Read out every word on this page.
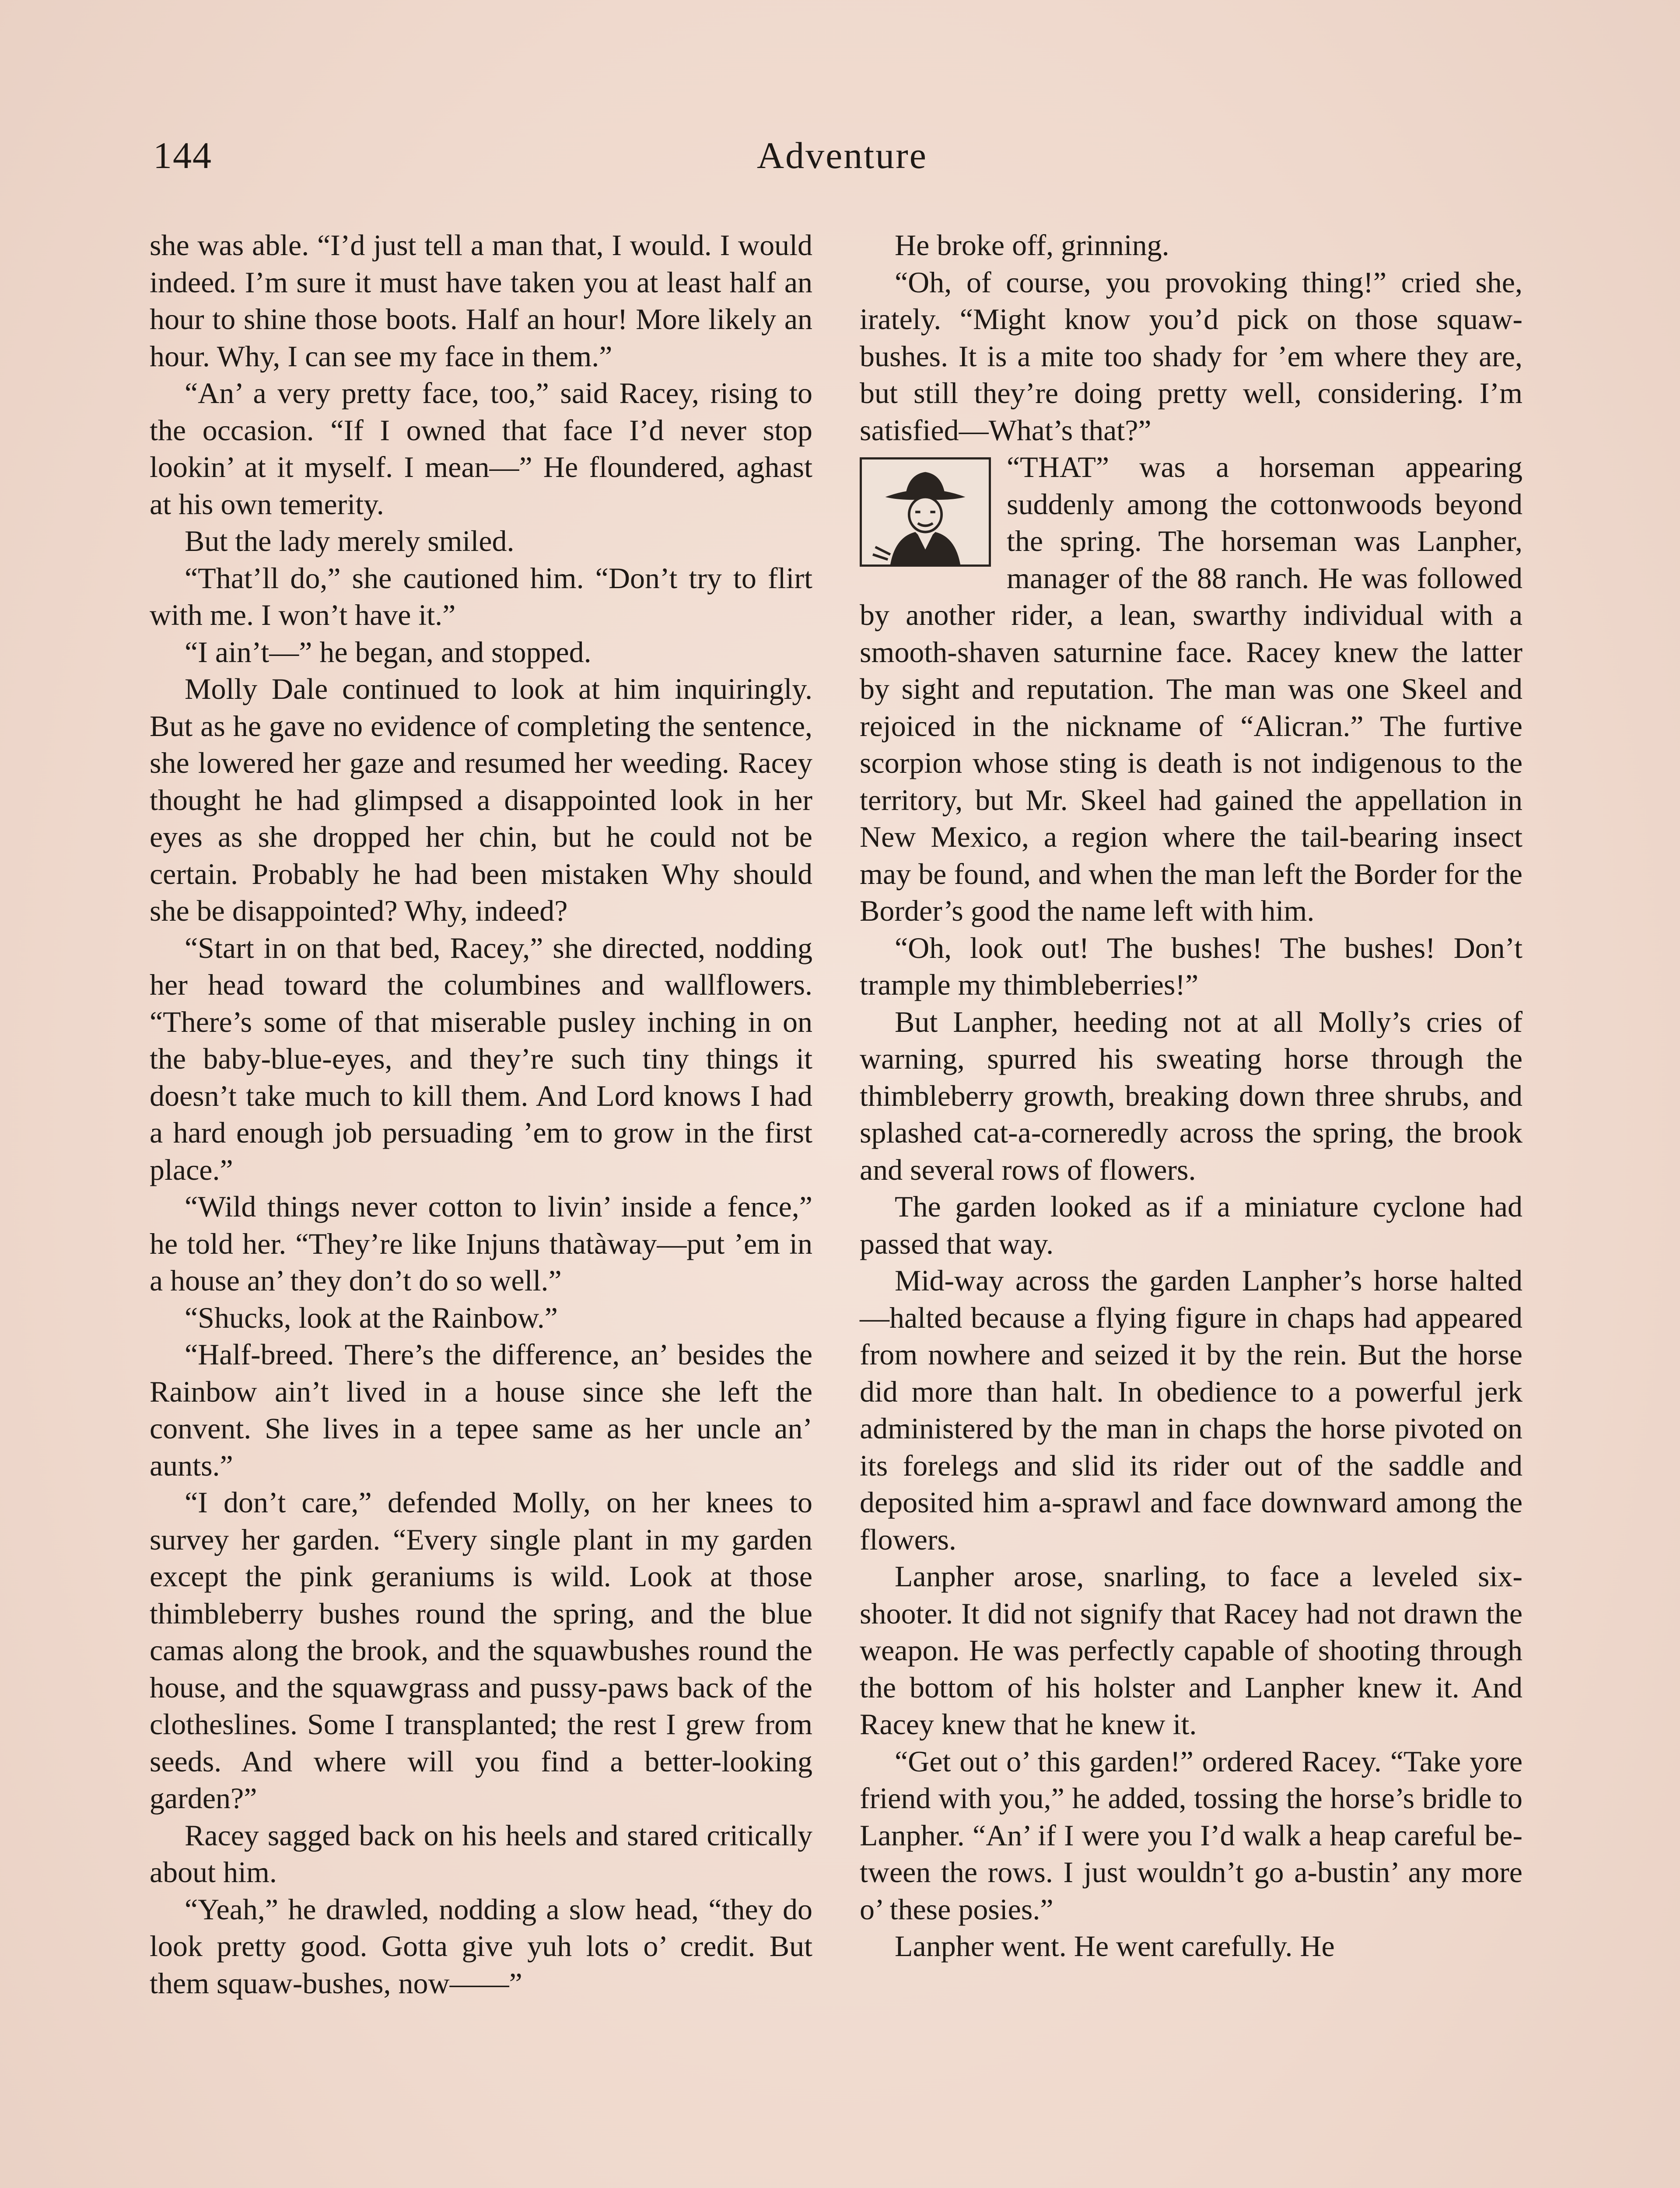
Adventure
144

she was able. “I’d just tell a man that, I would. I would indeed. I’m sure it must have taken you at least half an hour to shine those boots. Half an hour! More likely an hour. Why, I can see my face in them.”

“An’ a very pretty face, too,” said Racey, rising to the occasion. “If I owned that face I’d never stop lookin’ at it myself. I mean—” He floundered, aghast at his own temerity.

But the lady merely smiled.

“That’ll do,” she cautioned him. “Don’t try to flirt with me. I won’t have it.”

“I ain’t—” he began, and stopped.

Molly Dale continued to look at him inquiringly. But as he gave no evidence of completing the sentence, she lowered her gaze and resumed her weeding. Racey thought he had glimpsed a disappointed look in her eyes as she dropped her chin, but he could not be certain. Probably he had been mistaken Why should she be disappointed? Why, indeed?

“Start in on that bed, Racey,” she directed, nodding her head toward the columbines and wallflowers. “There’s some of that miserable pusley inching in on the baby-blue-eyes, and they’re such tiny things it doesn’t take much to kill them. And Lord knows I had a hard enough job persuading ’em to grow in the first place.”

“Wild things never cotton to livin’ inside a fence,” he told her. “They’re like Injuns thatàway—put ’em in a house an’ they don’t do so well.”

“Shucks, look at the Rainbow.”

“Half-breed. There’s the difference, an’ besides the Rainbow ain’t lived in a house since she left the convent. She lives in a tepee same as her uncle an’ aunts.”

“I don’t care,” defended Molly, on her knees to survey her garden. “Every single plant in my garden except the pink geraniums is wild. Look at those thimbleberry bushes round the spring, and the blue camas along the brook, and the squawbushes round the house, and the squawgrass and pussy-paws back of the clotheslines. Some I transplanted; the rest I grew from seeds. And where will you find a better-looking garden?”

Racey sagged back on his heels and stared critically about him.

“Yeah,” he drawled, nodding a slow head, “they do look pretty good. Gotta give yuh lots o’ credit. But them squaw-bushes, now——”

He broke off, grinning.

“Oh, of course, you provoking thing!” cried she, irately. “Might know you’d pick on those squaw-bushes. It is a mite too shady for ’em where they are, but still they’re doing pretty well, considering. I’m satisfied—What’s that?”

“THAT” was a horseman appearing suddenly among the cottonwoods beyond the spring. The horseman was Lanpher, manager of the 88 ranch. He was followed by another rider, a lean, swarthy individual with a smooth-shaven saturnine face. Racey knew the latter by sight and reputation. The man was one Skeel and rejoiced in the nickname of “Alicran.” The furtive scorpion whose sting is death is not indigenous to the territory, but Mr. Skeel had gained the appellation in New Mexico, a region where the tail-bearing insect may be found, and when the man left the Border for the Border’s good the name left with him.

“Oh, look out! The bushes! The bushes! Don’t trample my thimbleberries!”

But Lanpher, heeding not at all Molly’s cries of warning, spurred his sweating horse through the thimbleberry growth, breaking down three shrubs, and splashed cat-a-corneredly across the spring, the brook and several rows of flowers.

The garden looked as if a miniature cyclone had passed that way.

Mid-way across the garden Lanpher’s horse halted—halted because a flying figure in chaps had appeared from nowhere and seized it by the rein. But the horse did more than halt. In obedience to a powerful jerk administered by the man in chaps the horse pivoted on its forelegs and slid its rider out of the saddle and deposited him a-sprawl and face downward among the flowers.

Lanpher arose, snarling, to face a leveled six-shooter. It did not signify that Racey had not drawn the weapon. He was perfectly capable of shooting through the bottom of his holster and Lanpher knew it. And Racey knew that he knew it.

“Get out o’ this garden!” ordered Racey. “Take yore friend with you,” he added, tossing the horse’s bridle to Lanpher. “An’ if I were you I’d walk a heap careful between the rows. I just wouldn’t go a-bustin’ any more o’ these posies.”

Lanpher went. He went carefully. He
